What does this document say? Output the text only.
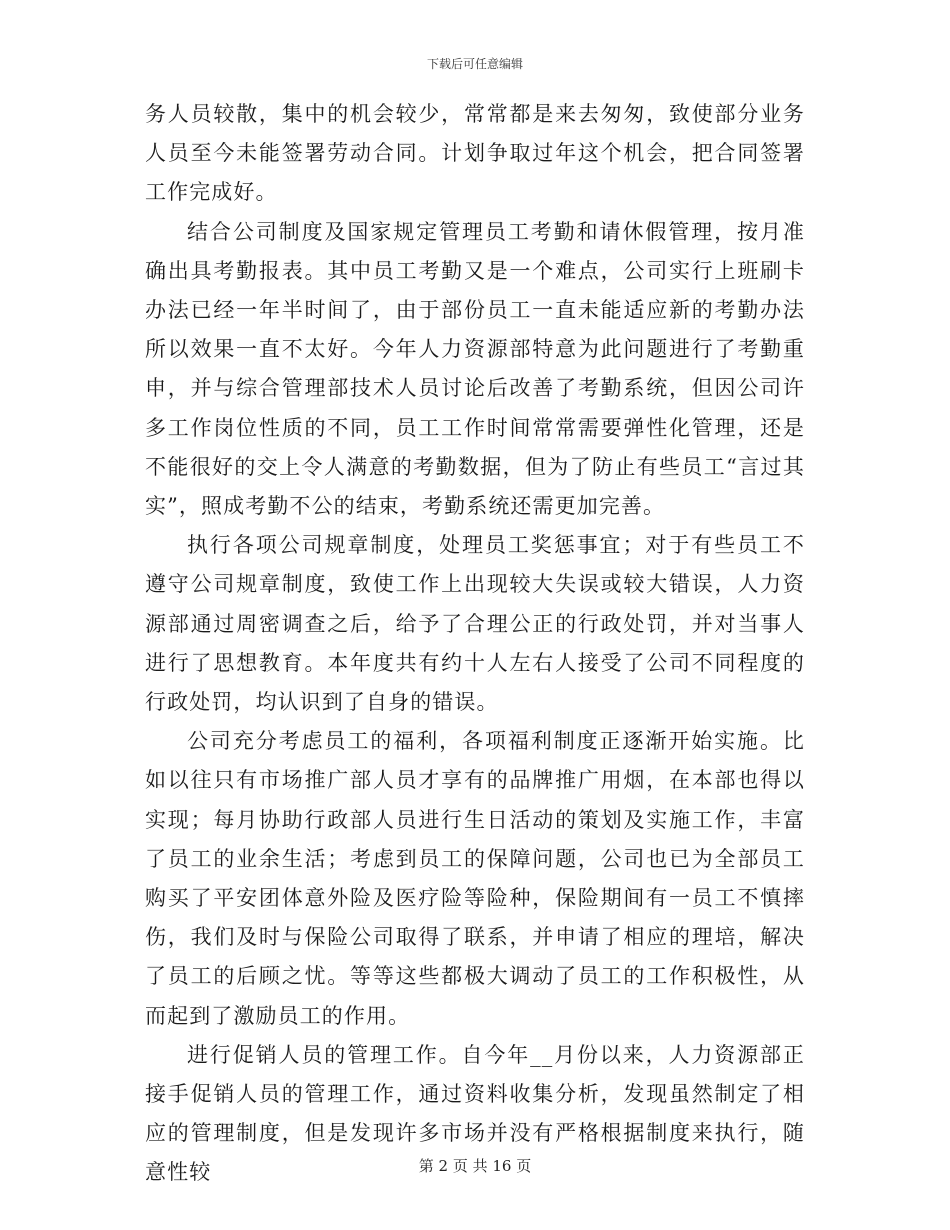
下载后可任意编辑

务人员较散，集中的机会较少，常常都是来去匆匆，致使部分业务人员至今未能签署劳动合同。计划争取过年这个机会，把合同签署工作完成好。

结合公司制度及国家规定管理员工考勤和请休假管理，按月准确出具考勤报表。其中员工考勤又是一个难点，公司实行上班刷卡办法已经一年半时间了，由于部份员工一直未能适应新的考勤办法所以效果一直不太好。今年人力资源部特意为此问题进行了考勤重申，并与综合管理部技术人员讨论后改善了考勤系统，但因公司许多工作岗位性质的不同，员工工作时间常常需要弹性化管理，还是不能很好的交上令人满意的考勤数据，但为了防止有些员工“言过其实”，照成考勤不公的结束，考勤系统还需更加完善。

执行各项公司规章制度，处理员工奖惩事宜；对于有些员工不遵守公司规章制度，致使工作上出现较大失误或较大错误，人力资源部通过周密调查之后，给予了合理公正的行政处罚，并对当事人进行了思想教育。本年度共有约十人左右人接受了公司不同程度的行政处罚，均认识到了自身的错误。

公司充分考虑员工的福利，各项福利制度正逐渐开始实施。比如以往只有市场推广部人员才享有的品牌推广用烟，在本部也得以实现；每月协助行政部人员进行生日活动的策划及实施工作，丰富了员工的业余生活；考虑到员工的保障问题，公司也已为全部员工购买了平安团体意外险及医疗险等险种，保险期间有一员工不慎摔伤，我们及时与保险公司取得了联系，并申请了相应的理培，解决了员工的后顾之忧。等等这些都极大调动了员工的工作积极性，从而起到了激励员工的作用。

进行促销人员的管理工作。自今年__月份以来，人力资源部正接手促销人员的管理工作，通过资料收集分析，发现虽然制定了相应的管理制度，但是发现许多市场并没有严格根据制度来执行，随意性较	第 2 页 共 16 页
